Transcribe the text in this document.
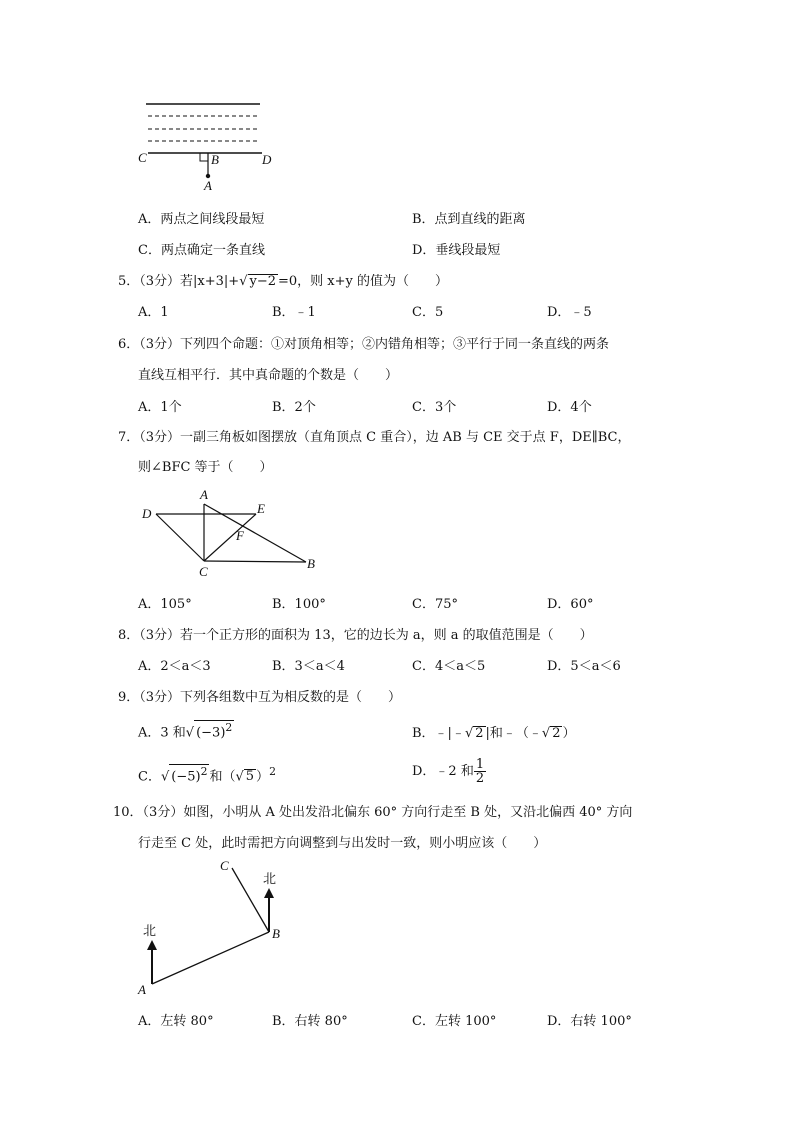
C	D
B
A
A．两点之间线段最短	B．点到直线的距离
C．两点确定一条直线	D．垂线段最短
5．（3分）若|x+3|+√ y−2 =0，则 x+y 的值为（　　）
A．1	B．﹣1	C．5	D．﹣5
6．（3分）下列四个命题：①对顶角相等；②内错角相等；③平行于同一条直线的两条
直线互相平行．其中真命题的个数是（　　）
A．1个	B．2个	C．3个	D．4个
7．（3分）一副三角板如图摆放（直角顶点 C 重合），边 AB 与 CE 交于点 F，DE∥BC，
则∠BFC 等于（　　）
A
D	E
F
C
B
A．105°	B．100°	C．75°	D．60°
8．（3分）若一个正方形的面积为 13，它的边长为 a，则 a 的取值范围是（　　）
A．2＜a＜3	B．3＜a＜4	C．4＜a＜5	D．5＜a＜6
9．（3分）下列各组数中互为相反数的是（　　）
A．3 和√ $(-3)^2$	B．﹣|﹣√ 2 |和﹣（﹣√ 2 ）
C．√ $(-5)^2$ 和（√ 5 ）$^2$	D．﹣2 和 $\frac{1}{2}$
10．（3分）如图，小明从 A 处出发沿北偏东 60° 方向行走至 B 处，又沿北偏西 40° 方向
行走至 C 处，此时需把方向调整到与出发时一致，则小明应该（　　）
北
北
A
B
C
A．左转 80°	B．右转 80°	C．左转 100°	D．右转 100°
